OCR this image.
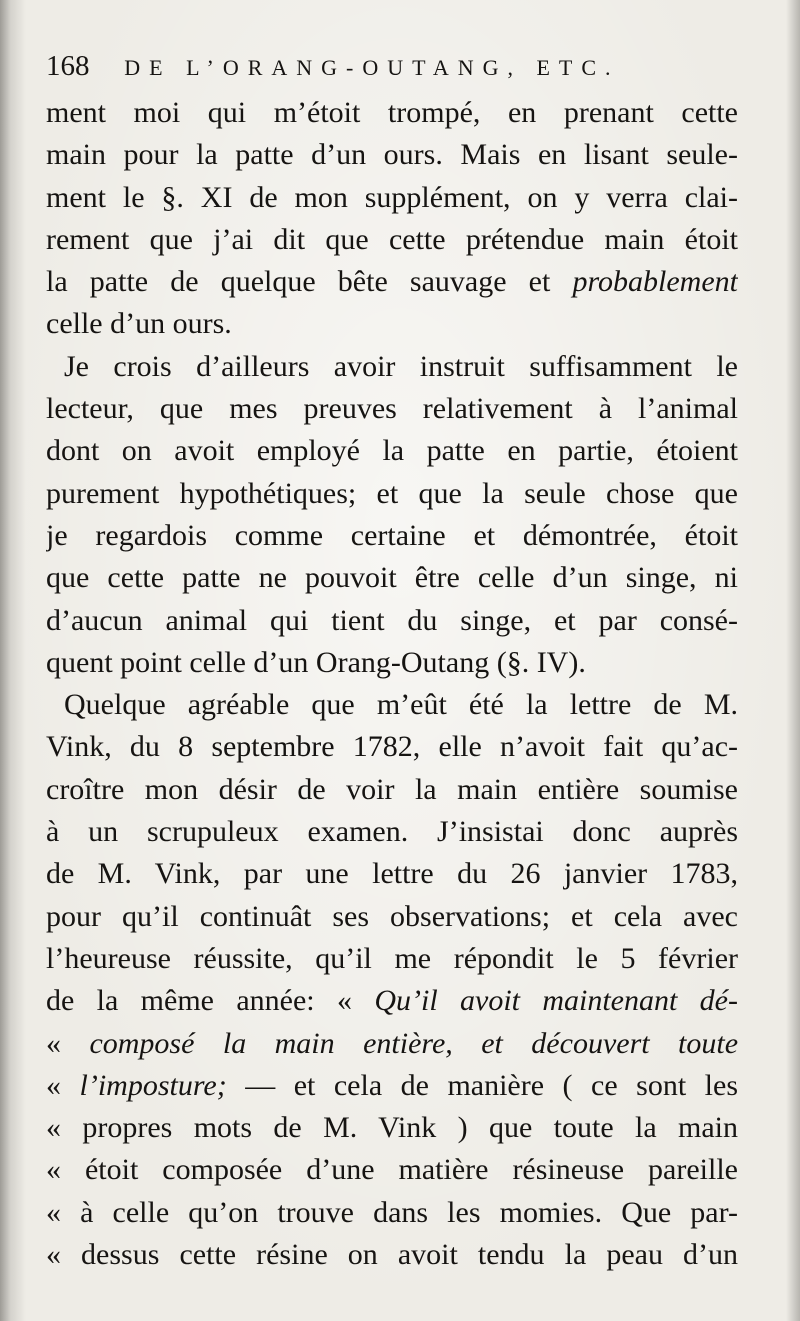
168 DE L’ORANG-OUTANG, ETC.
ment moi qui m’étoit trompé, en prenant cette
main pour la patte d’un ours. Mais en lisant seule-
ment le §. XI de mon supplément, on y verra clai-
rement que j’ai dit que cette prétendue main étoit
la patte de quelque bête sauvage et probablement
celle d’un ours.
Je crois d’ailleurs avoir instruit suffisamment le
lecteur, que mes preuves relativement à l’animal
dont on avoit employé la patte en partie, étoient
purement hypothétiques; et que la seule chose que
je regardois comme certaine et démontrée, étoit
que cette patte ne pouvoit être celle d’un singe, ni
d’aucun animal qui tient du singe, et par consé-
quent point celle d’un Orang-Outang (§. IV).
Quelque agréable que m’eût été la lettre de M.
Vink, du 8 septembre 1782, elle n’avoit fait qu’ac-
croître mon désir de voir la main entière soumise
à un scrupuleux examen. J’insistai donc auprès
de M. Vink, par une lettre du 26 janvier 1783,
pour qu’il continuât ses observations; et cela avec
l’heureuse réussite, qu’il me répondit le 5 février
de la même année: « Qu’il avoit maintenant dé-
« composé la main entière, et découvert toute
« l’imposture; — et cela de manière ( ce sont les
« propres mots de M. Vink ) que toute la main
« étoit composée d’une matière résineuse pareille
« à celle qu’on trouve dans les momies. Que par-
« dessus cette résine on avoit tendu la peau d’un
